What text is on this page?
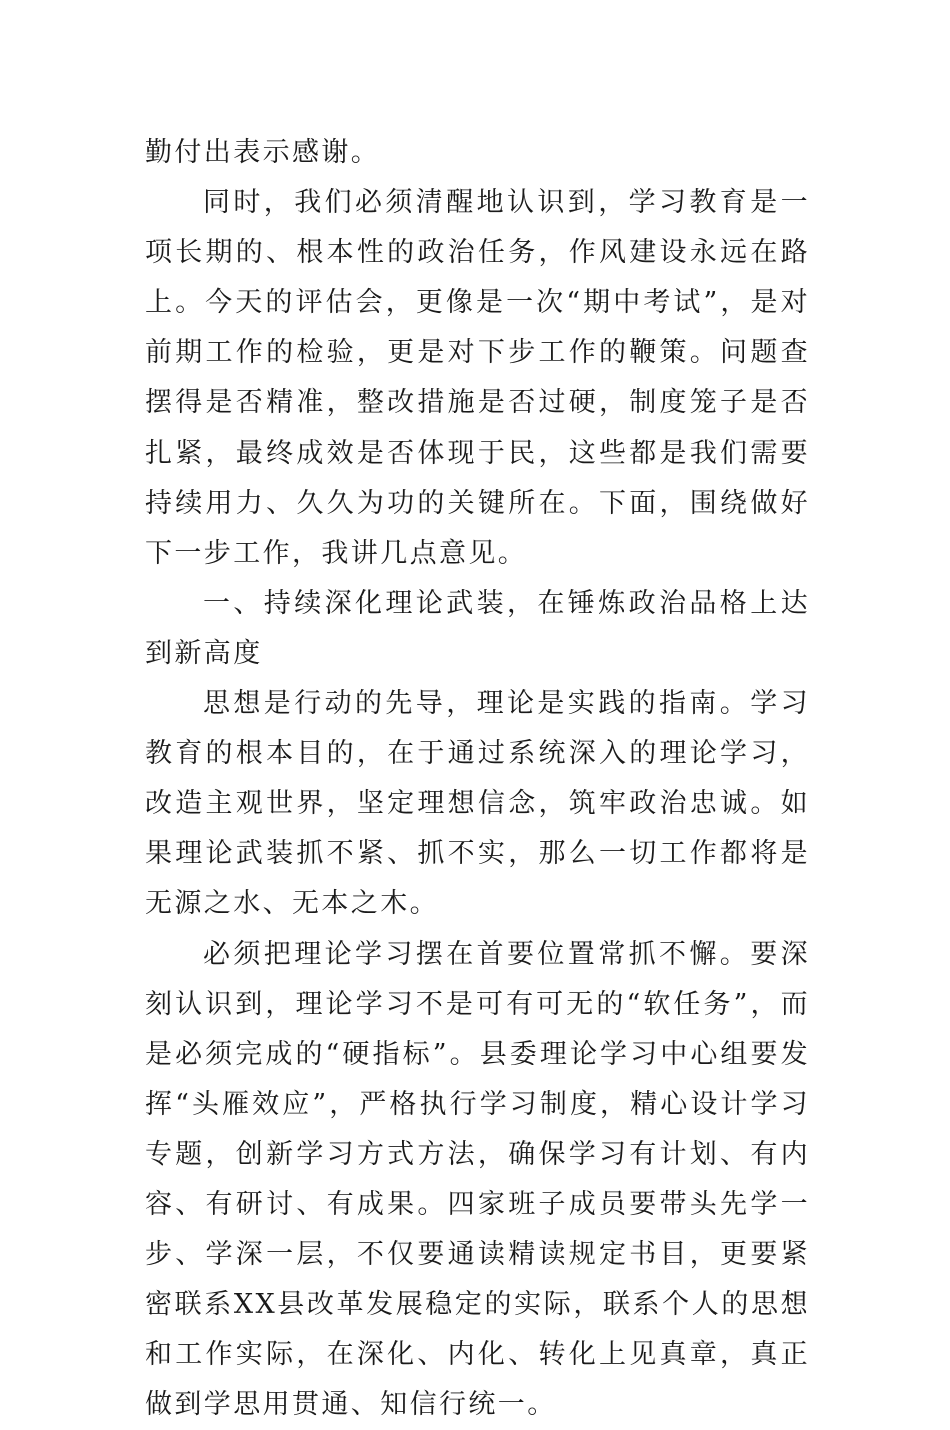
勤付出表示感谢。

同时，我们必须清醒地认识到，学习教育是一项长期的、根本性的政治任务，作风建设永远在路上。今天的评估会，更像是一次“期中考试”，是对前期工作的检验，更是对下步工作的鞭策。问题查摆得是否精准，整改措施是否过硬，制度笼子是否扎紧，最终成效是否体现于民，这些都是我们需要持续用力、久久为功的关键所在。下面，围绕做好下一步工作，我讲几点意见。

一、持续深化理论武装，在锤炼政治品格上达到新高度

思想是行动的先导，理论是实践的指南。学习教育的根本目的，在于通过系统深入的理论学习，改造主观世界，坚定理想信念，筑牢政治忠诚。如果理论武装抓不紧、抓不实，那么一切工作都将是无源之水、无本之木。

必须把理论学习摆在首要位置常抓不懈。要深刻认识到，理论学习不是可有可无的“软任务”，而是必须完成的“硬指标”。县委理论学习中心组要发挥“头雁效应”，严格执行学习制度，精心设计学习专题，创新学习方式方法，确保学习有计划、有内容、有研讨、有成果。四家班子成员要带头先学一步、学深一层，不仅要通读精读规定书目，更要紧密联系XX县改革发展稳定的实际，联系个人的思想和工作实际，在深化、内化、转化上见真章，真正做到学思用贯通、知信行统一。
